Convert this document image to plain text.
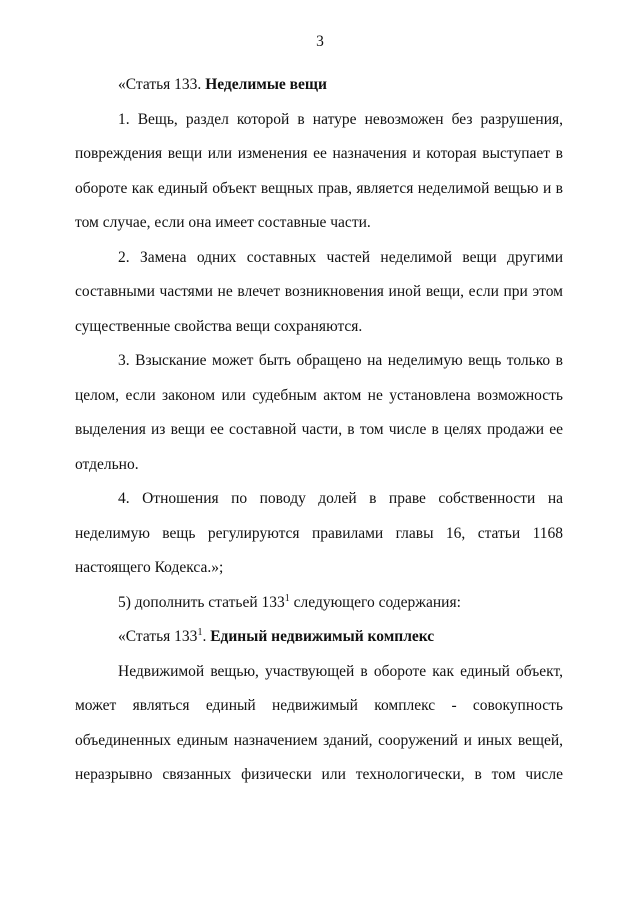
3

«Статья 133. Неделимые вещи

1. Вещь, раздел которой в натуре невозможен без разрушения, повреждения вещи или изменения ее назначения и которая выступает в обороте как единый объект вещных прав, является неделимой вещью и в том случае, если она имеет составные части.

2. Замена одних составных частей неделимой вещи другими составными частями не влечет возникновения иной вещи, если при этом существенные свойства вещи сохраняются.

3. Взыскание может быть обращено на неделимую вещь только в целом, если законом или судебным актом не установлена возможность выделения из вещи ее составной части, в том числе в целях продажи ее отдельно.

4. Отношения по поводу долей в праве собственности на неделимую вещь регулируются правилами главы 16, статьи 1168 настоящего Кодекса.»;

5) дополнить статьей $133^1$ следующего содержания:

«Статья $133^1$. Единый недвижимый комплекс

Недвижимой вещью, участвующей в обороте как единый объект,

может являться единый недвижимый комплекс - совокупность

объединенных единым назначением зданий, сооружений и иных вещей,

неразрывно связанных физически или технологически, в том числе
